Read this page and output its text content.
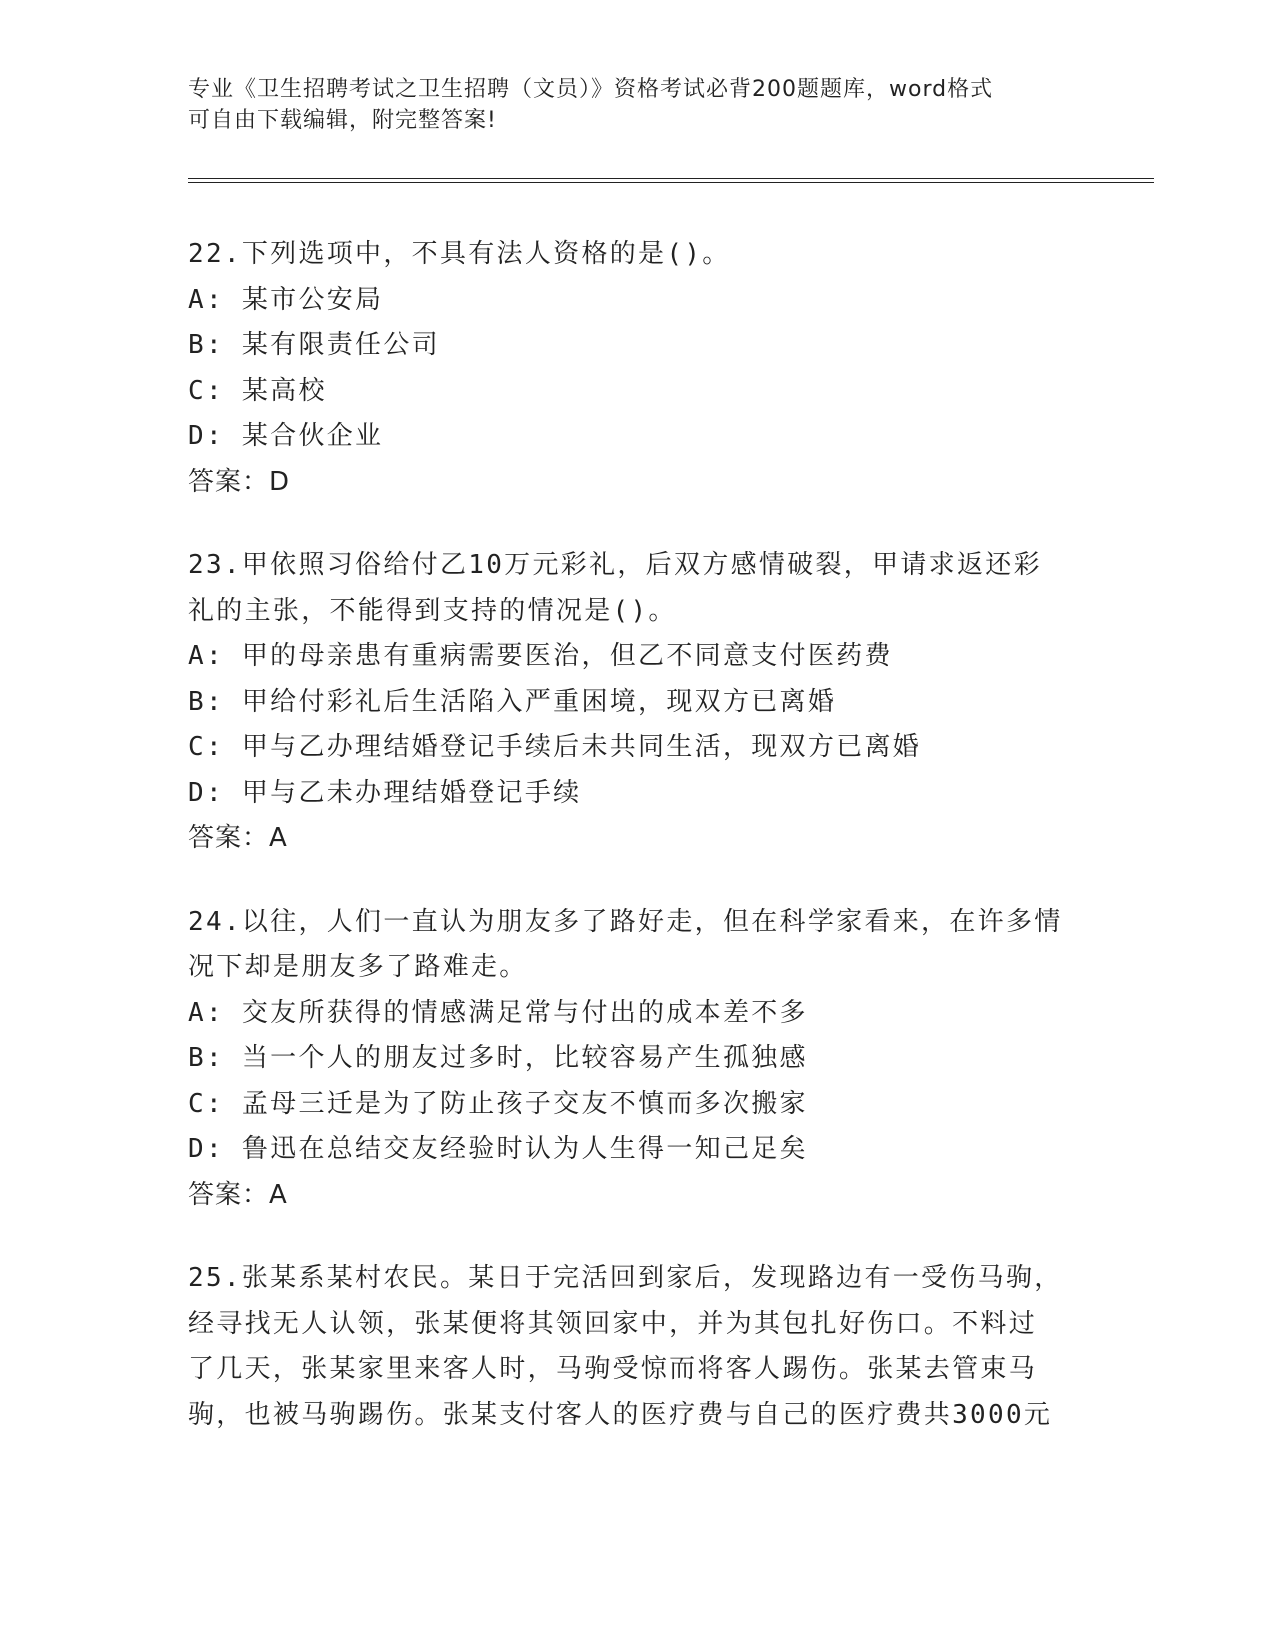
专业《卫生招聘考试之卫生招聘（文员）》资格考试必背200题题库，word格式
可自由下载编辑，附完整答案!
22.下列选项中，不具有法人资格的是()。
A: 某市公安局
B: 某有限责任公司
C: 某高校
D: 某合伙企业
答案：D
23.甲依照习俗给付乙10万元彩礼，后双方感情破裂，甲请求返还彩
礼的主张，不能得到支持的情况是()。
A: 甲的母亲患有重病需要医治，但乙不同意支付医药费
B: 甲给付彩礼后生活陷入严重困境，现双方已离婚
C: 甲与乙办理结婚登记手续后未共同生活，现双方已离婚
D: 甲与乙未办理结婚登记手续
答案：A
24.以往，人们一直认为朋友多了路好走，但在科学家看来，在许多情
况下却是朋友多了路难走。
A: 交友所获得的情感满足常与付出的成本差不多
B: 当一个人的朋友过多时，比较容易产生孤独感
C: 孟母三迁是为了防止孩子交友不慎而多次搬家
D: 鲁迅在总结交友经验时认为人生得一知己足矣
答案：A
25.张某系某村农民。某日于完活回到家后，发现路边有一受伤马驹，
经寻找无人认领，张某便将其领回家中，并为其包扎好伤口。不料过
了几天，张某家里来客人时，马驹受惊而将客人踢伤。张某去管束马
驹，也被马驹踢伤。张某支付客人的医疗费与自己的医疗费共3000元
